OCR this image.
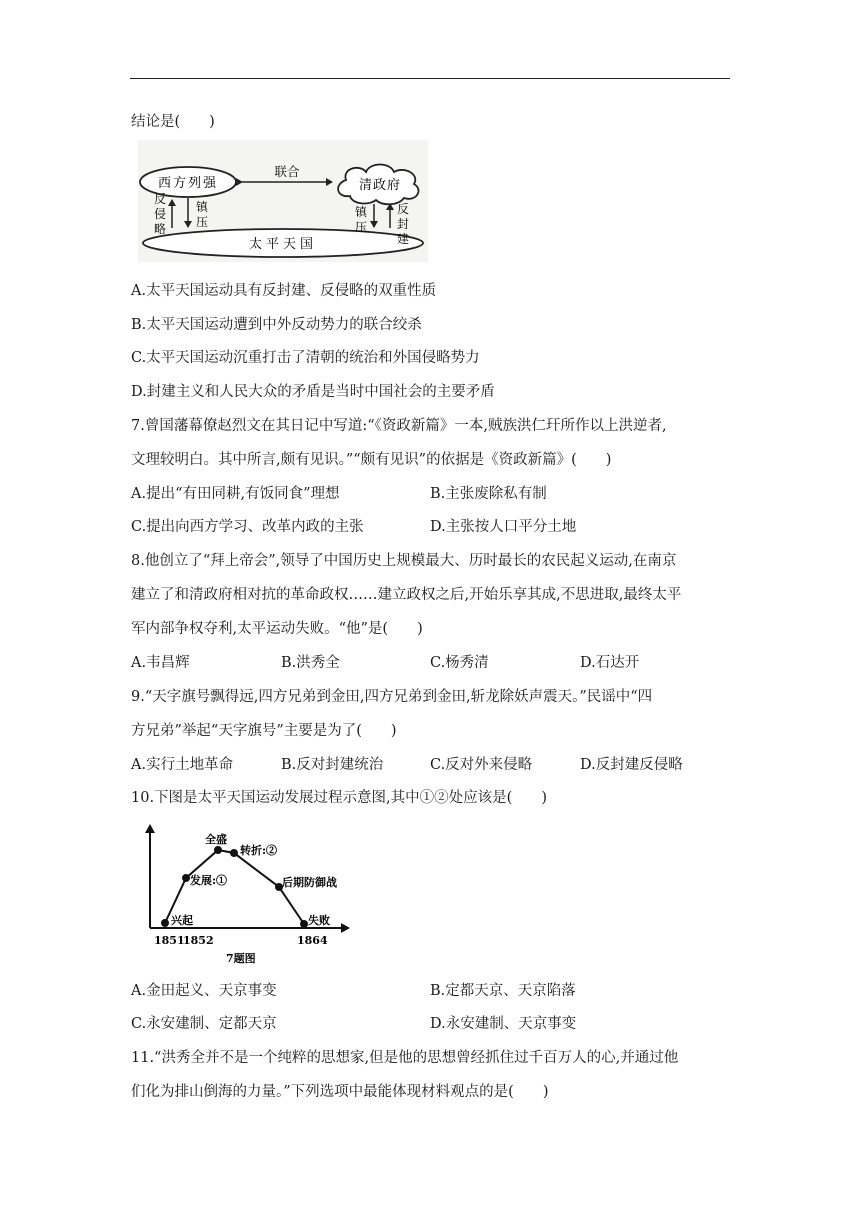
结论是(　　)
西方列强	清政府
联合
太平天国
反侵略
镇压
镇压
反封建
A.太平天国运动具有反封建、反侵略的双重性质
B.太平天国运动遭到中外反动势力的联合绞杀
C.太平天国运动沉重打击了清朝的统治和外国侵略势力
D.封建主义和人民大众的矛盾是当时中国社会的主要矛盾
7.曾国藩幕僚赵烈文在其日记中写道:“《资政新篇》一本,贼族洪仁玕所作以上洪逆者,
文理较明白。其中所言,颇有见识。”“颇有见识”的依据是《资政新篇》(　　)
A.提出“有田同耕,有饭同食”理想	B.主张废除私有制
C.提出向西方学习、改革内政的主张	D.主张按人口平分土地
8.他创立了“拜上帝会”,领导了中国历史上规模最大、历时最长的农民起义运动,在南京
建立了和清政府相对抗的革命政权……建立政权之后,开始乐享其成,不思进取,最终太平
军内部争权夺利,太平运动失败。“他”是(　　)
A.韦昌辉	B.洪秀全	C.杨秀清	D.石达开
9.“天字旗号飘得远,四方兄弟到金田,四方兄弟到金田,斩龙除妖声震天。”民谣中“四
方兄弟”举起“天字旗号”主要是为了(　　)
A.实行土地革命	B.反对封建统治	C.反对外来侵略	D.反封建反侵略
10.下图是太平天国运动发展过程示意图,其中①②处应该是(　　)
兴起
发展:①
全盛
转折:②
后期防御战
失败
1851
1852	1864
7题图
A.金田起义、天京事变	B.定都天京、天京陷落
C.永安建制、定都天京	D.永安建制、天京事变
11.“洪秀全并不是一个纯粹的思想家,但是他的思想曾经抓住过千百万人的心,并通过他
们化为排山倒海的力量。”下列选项中最能体现材料观点的是(　　)
